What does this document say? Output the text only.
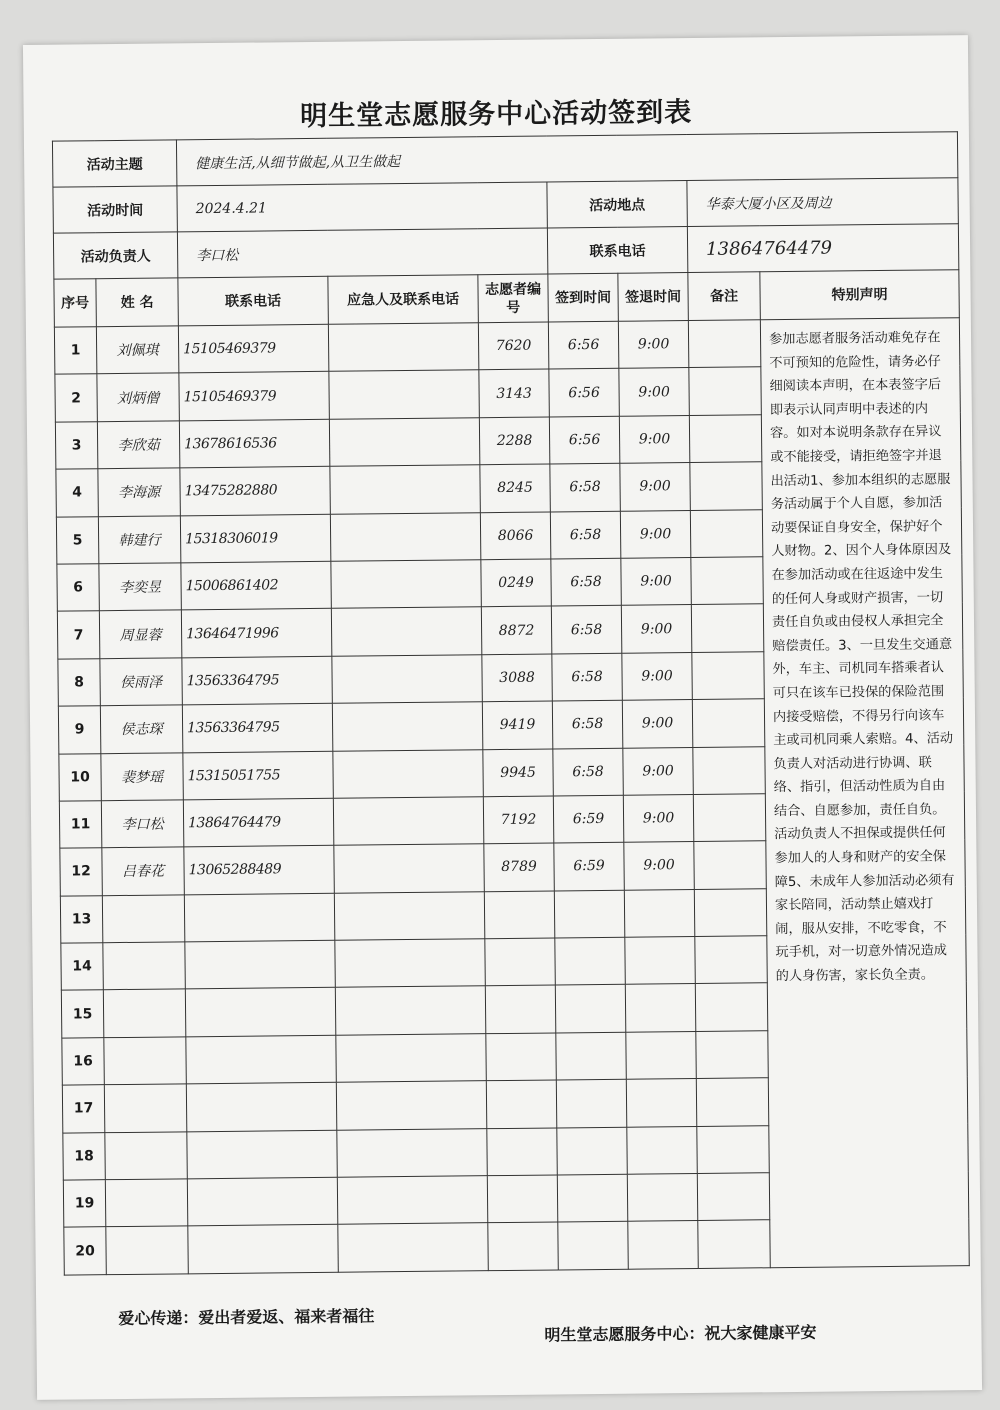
明生堂志愿服务中心活动签到表
活动主题		健康生活,从细节做起,从卫生做起						
活动时间		2024.4.21			活动地点		华泰大厦小区及周边	
活动负责人		李口松			联系电话		13864764479	
序号	姓 名	联系电话	应急人及联系电话	志愿者编号	签到时间	签退时间	备注	特别声明
1	刘佩琪	15105469379		7620	6:56	9:00		参加志愿者服务活动难免存在不可预知的危险性，请务必仔细阅读本声明，在本表签字后即表示认同声明中表述的内容。如对本说明条款存在异议或不能接受，请拒绝签字并退出活动1、参加本组织的志愿服务活动属于个人自愿，参加活动要保证自身安全，保护好个人财物。2、因个人身体原因及在参加活动或在往返途中发生的任何人身或财产损害，一切责任自负或由侵权人承担完全赔偿责任。3、一旦发生交通意外，车主、司机同车搭乘者认可只在该车已投保的保险范围内接受赔偿，不得另行向该车主或司机同乘人索赔。4、活动负责人对活动进行协调、联络、指引，但活动性质为自由结合、自愿参加，责任自负。活动负责人不担保或提供任何参加人的人身和财产的安全保障5、未成年人参加活动必须有家长陪同，活动禁止嬉戏打闹，服从安排，不吃零食，不玩手机，对一切意外情况造成的人身伤害，家长负全责。

2	刘炳僧	15105469379		3143	6:56	9:00		
3	李欣茹	13678616536		2288	6:56	9:00		
4	李海源	13475282880		8245	6:58	9:00		
5	韩建行	15318306019		8066	6:58	9:00		
6	李奕昱	15006861402		0249	6:58	9:00		
7	周显蓉	13646471996		8872	6:58	9:00		
8	侯雨泽	13563364795		3088	6:58	9:00		
9	侯志琛	13563364795		9419	6:58	9:00		
10	裴梦瑶	15315051755		9945	6:58	9:00		
11	李口松	13864764479		7192	6:59	9:00		
12	吕春花	13065288489		8789	6:59	9:00		
13								
14								
15								
16								
17								
18								
19								
20								
爱心传递：爱出者爱返、福来者福往
明生堂志愿服务中心：祝大家健康平安
